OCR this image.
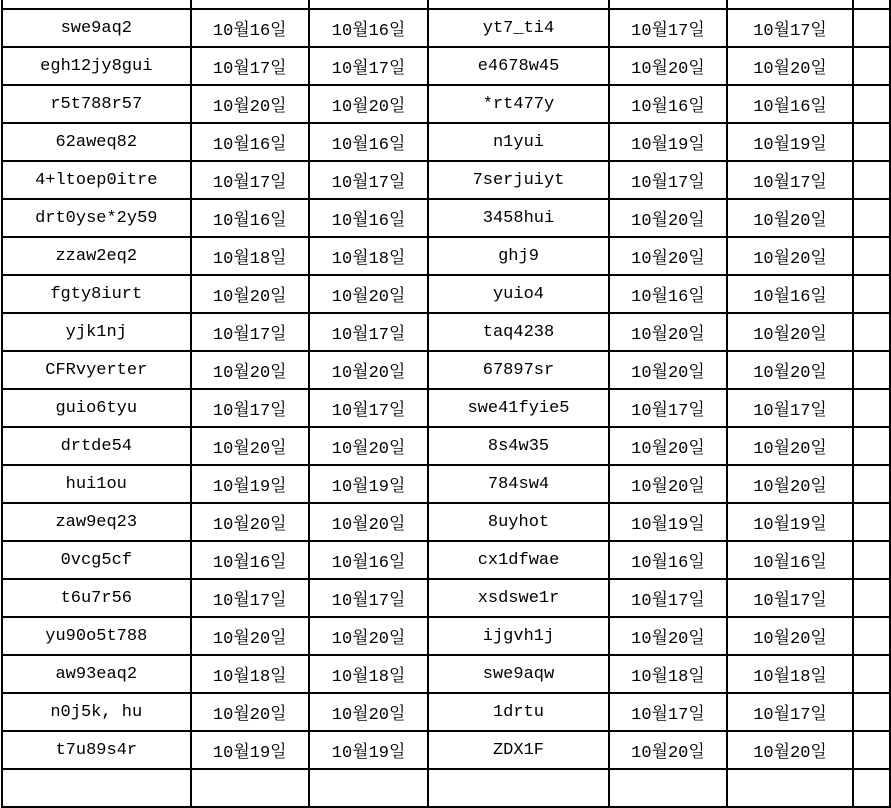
swe9aq2	10월16일	10월16일	yt7_ti4	10월17일	10월17일	
egh12jy8gui	10월17일	10월17일	e4678w45	10월20일	10월20일	
r5t788r57	10월20일	10월20일	*rt477y	10월16일	10월16일	
62aweq82	10월16일	10월16일	n1yui	10월19일	10월19일	
4+ltoep0itre	10월17일	10월17일	7serjuiyt	10월17일	10월17일	
drt0yse*2y59	10월16일	10월16일	3458hui	10월20일	10월20일	
zzaw2eq2	10월18일	10월18일	ghj9	10월20일	10월20일	
fgty8iurt	10월20일	10월20일	yuio4	10월16일	10월16일	
yjk1nj	10월17일	10월17일	taq4238	10월20일	10월20일	
CFRvyerter	10월20일	10월20일	67897sr	10월20일	10월20일	
guio6tyu	10월17일	10월17일	swe41fyie5	10월17일	10월17일	
drtde54	10월20일	10월20일	8s4w35	10월20일	10월20일	
hui1ou	10월19일	10월19일	784sw4	10월20일	10월20일	
zaw9eq23	10월20일	10월20일	8uyhot	10월19일	10월19일	
0vcg5cf	10월16일	10월16일	cx1dfwae	10월16일	10월16일	
t6u7r56	10월17일	10월17일	xsdswe1r	10월17일	10월17일	
yu90o5t788	10월20일	10월20일	ijgvh1j	10월20일	10월20일	
aw93eaq2	10월18일	10월18일	swe9aqw	10월18일	10월18일	
n0j5k, hu	10월20일	10월20일	1drtu	10월17일	10월17일	
t7u89s4r	10월19일	10월19일	ZDX1F	10월20일	10월20일	
